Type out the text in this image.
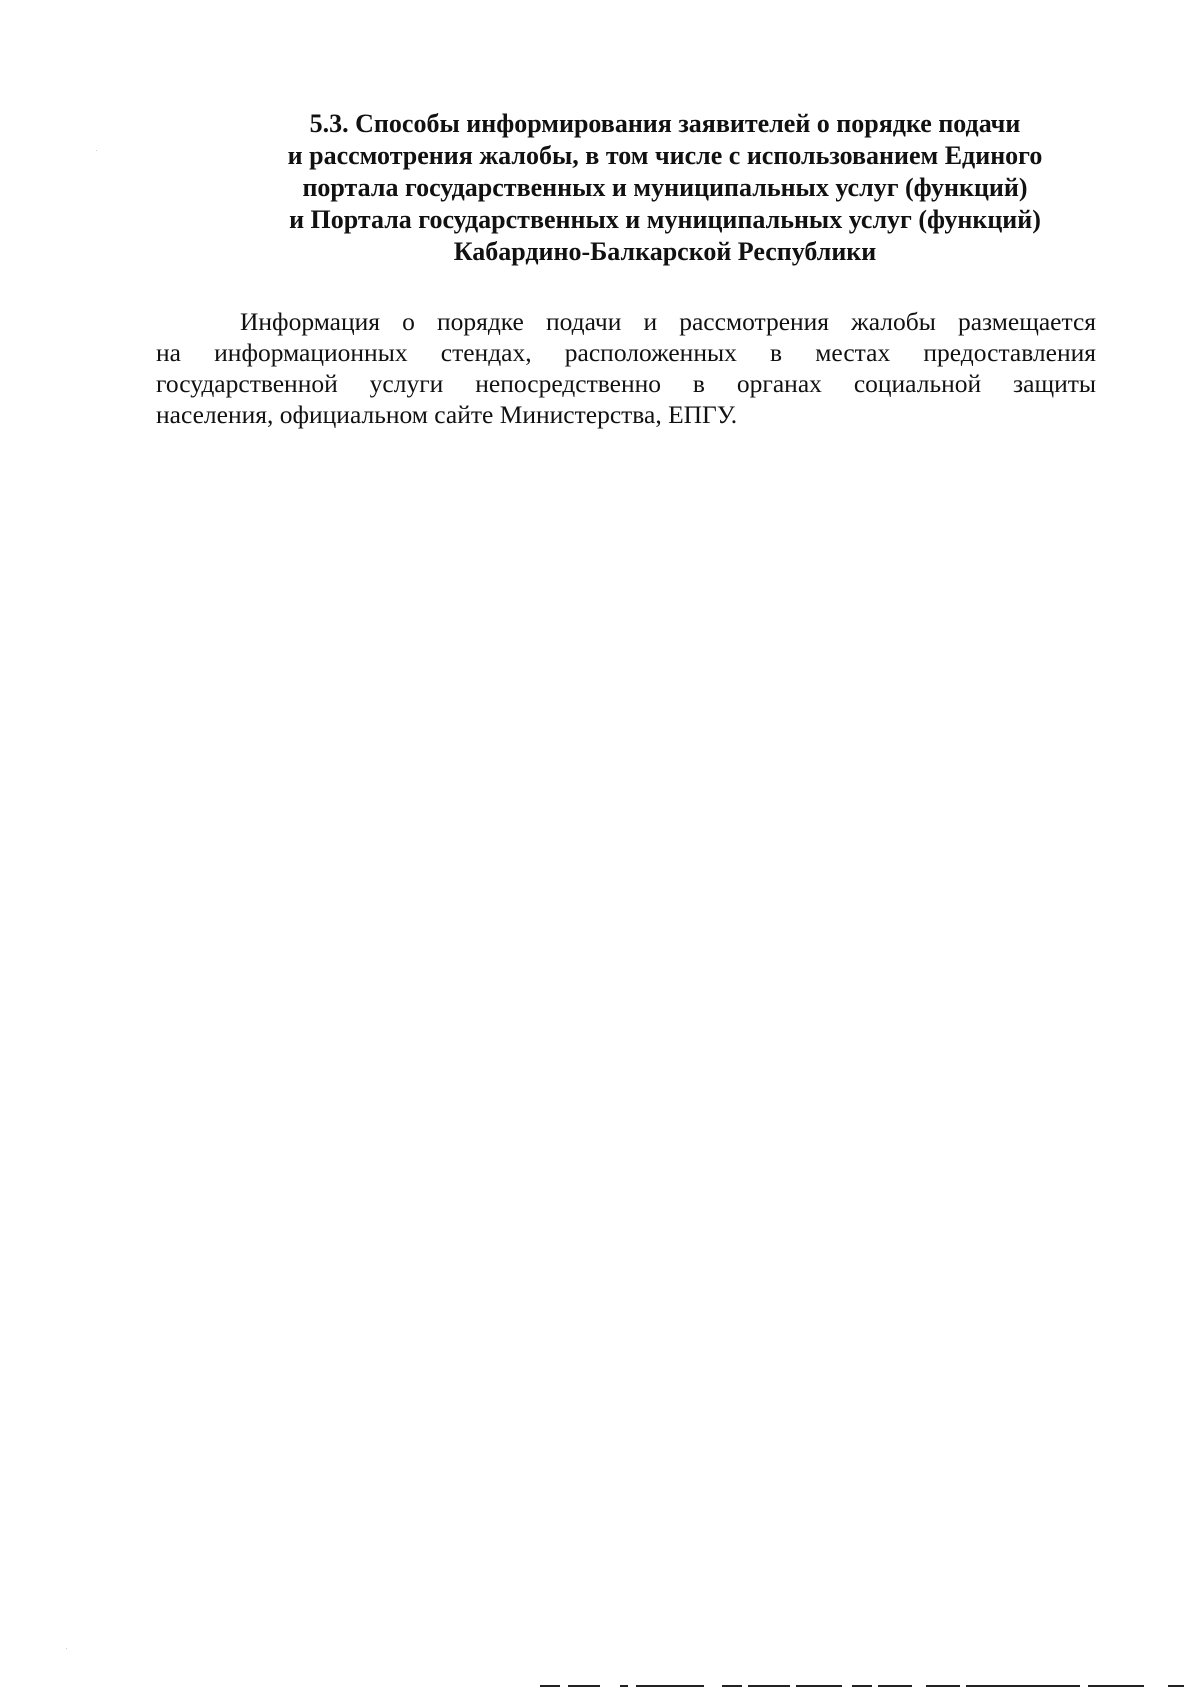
5.3. Способы информирования заявителей о порядке подачи
и рассмотрения жалобы, в том числе с использованием Единого
портала государственных и муниципальных услуг (функций)
и Портала государственных и муниципальных услуг (функций)
Кабардино-Балкарской Республики

Информация о порядке подачи и рассмотрения жалобы размещается
на информационных стендах, расположенных в местах предоставления
государственной услуги непосредственно в органах социальной защиты
населения, официальном сайте Министерства, ЕПГУ.
